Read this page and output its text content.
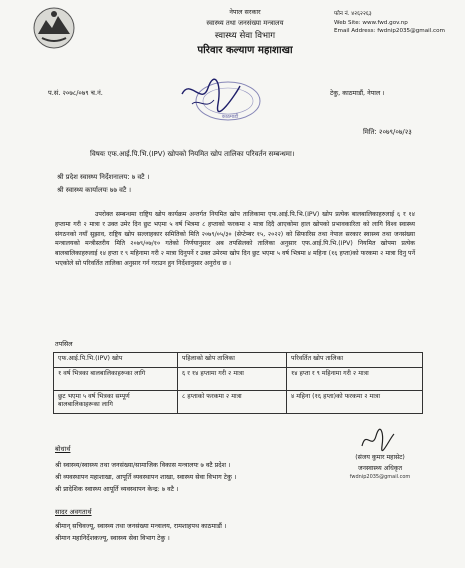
नेपाल सरकार
स्वास्थ्य तथा जनसंख्या मन्त्रालय
स्वास्थ्य सेवा विभाग
परिवार कल्याण महाशाखा
फोन नं. ४२६२२६३
Web Site: www.fwd.gov.np
Email Address: fwdnip2035@gmail.com
प.सं. २०७८/०७९ च.नं.
काठमाडौं
टेकु, काठमाडौं, नेपाल ।
मिति: २०७९/०७/२३
विषयः एफ.आई.पि.भि.(IPV) खोपको नियमित खोप तालिका परिवर्तन सम्बन्धमा।
श्री प्रदेश स्वास्थ्य निर्देशनालय: ७ वटै ।
श्री स्वास्थ्य कार्यालयः ७७ वटै ।

उपरोक्त सम्बन्धमा राष्ट्रिय खोप कार्यक्रम अन्तर्गत नियमित खोप तालिकामा एफ.आई.पि.भि.(IPV) खोप प्रत्येक बालबालिकाहरुलाई ६ र १४ हप्तामा गरी २ मात्रा र उक्त उमेर दिन छुट भएमा ५ वर्ष भित्रमा ८ हप्ताको फरकमा २ मात्रा दिदै आएकोमा हाल खोपको प्रभावकारिता को लागि विश्व स्वास्थ्य संगठनको नयाँ सुझाव, राष्ट्रिय खोप सल्लाहकार समितिको मिति २०७९/०५/३० (सेप्टेम्बर १५, २०२२) को सिफारिस तथा नेपाल सरकार स्वास्थ्य तथा जनसंख्या मन्त्रालयको मन्त्रीस्तरीय मिति २०७९/०७/१० गतेको निर्णयानुसार अब तपसिलको तालिका अनुसार एफ.आई.पि.भि.(IPV) नियमित खोपमा प्रत्येक बालबालिकाहरुलाई १४ हप्ता र ९ महिनामा गरी २ मात्रा दिनुपर्ने र उक्त उमेरमा खोप दिन छुट भएमा ५ वर्ष भित्रमा ४ महिना (१६ हप्ता)को फरकमा २ मात्रा दिनु पर्ने भएकोले सो परिवर्तित तालिका अनुसार गर्न गराउन हुन निर्देशानुसार अनुरोध छ ।

तपसिल
एफ.आई.पि.भि.(IPV) खोप	पहिलाको खोप तालिका	परिवर्तित खोप तालिका
१ वर्ष भित्रका बालबालिकाहरूका लागि	६ र १४ हप्तामा गरी २ मात्रा	१४ हप्ता र ९ महिनामा गरी २ मात्रा
छुट भएमा ५ वर्ष भित्रका सम्पूर्ण बालबालिकाहरूका लागि	८ हप्ताको फरकमा २ मात्रा	४ महिना (१६ हप्ता)को फरकमा २ मात्रा
(संजय कुमार महासेट)
जनस्वास्थ्य अधिकृत
fwdnip2035@gmail.com
बोधार्थ
श्री स्वास्थ्य/स्वास्थ्य तथा जनसंख्या/सामाजिक विकास मन्त्रालयः ७ वटै प्रदेश ।
श्री व्यवस्थापन महाशाखा, आपूर्ति व्यवस्थापन शाखा, स्वास्थ्य सेवा विभाग टेकु ।
श्री प्रादेशिक स्वास्थ्य आपूर्ति व्यवस्थापन केन्द्र: ७ वटै ।
सादर अवगतार्थ
श्रीमान् सचिवज्यू, स्वास्थ्य तथा जनसंख्या मन्त्रालय, रामशाहपथ काठमाडौं ।
श्रीमान महानिर्देशकज्यू, स्वास्थ्य सेवा विभाग टेकु ।
